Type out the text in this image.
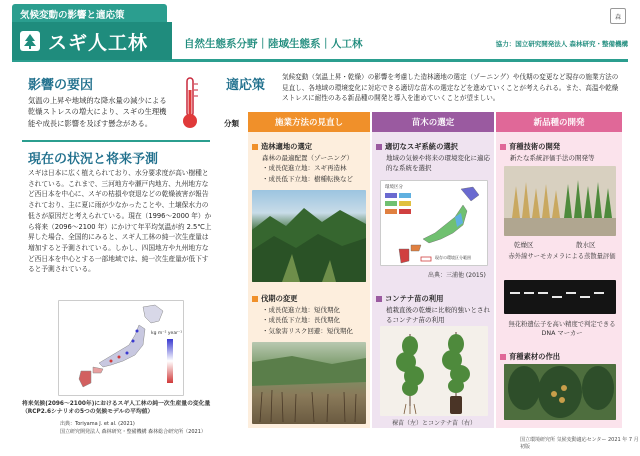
気候変動の影響と適応策	森
スギ人工林	自然生態系分野｜陸域生態系｜人工林	協力：国立研究開発法人 森林研究・整備機構
影響の要因
気温の上昇や地域的な降水量の減少による乾燥ストレスの増大により、スギの生理機能や成長に影響を及ぼす懸念がある。
現在の状況と将来予測
スギは日本に広く植えられており、水分要求度が高い樹種とされている。これまで、三河地方や瀬戸内地方、九州地方など西日本を中心に、スギの枯損や衰退などの乾燥被害が報告されており、主に夏に雨が少なかったことや、土壌保水力の低さが原因だと考えられている。現在（1996～2000 年）から将来（2096～2100 年）にかけて年平均気温が約 2.5℃上昇した場合、全国的にみると、スギ人工林の純一次生産量は増加すると予測されている。しかし、四国地方や九州地方など西日本を中心とする一部地域では、純一次生産量が低下すると予測されている。
kg m⁻² year⁻¹
将来気候(2096～2100年)におけるスギ人工林の純一次生産量の変化量（RCP2.6シナリオの5つの気候モデルの平均値）
出典：Toriyama J. et al. (2021)
国立研究開発法人 森林研究・整備機構 森林総合研究所（2021）
適応策
気候変動（気温上昇・乾燥）の影響を考慮した造林適地の選定（ゾーニング）や伐期の変更など現存の施業方法の見直し、各地域の環境変化に対応できる適切な苗木の選定などを進めていくことが考えられる。また、高温や乾燥ストレスに耐性のある新品種の開発と導入を進めていくことが望ましい。
分類	施業方法の見直し	苗木の選定	新品種の開発
造林適地の選定
森林の最適配置（ゾーニング）
・成長促進立地：スギ再造林
・成長低下立地：樹種転換など
伐期の変更
・成長促進立地：短伐期化
・成長低下立地：長伐期化
・気象害リスク回避：短伐期化
適切なスギ系統の選択
地域の気候や将来の環境変化に適応
的な系統を選択
環境区分
現存の環境区分範囲
出典：三浦他 (2015)
コンテナ苗の利用
植栽直後の乾燥に比較的強いとされ
るコンテナ苗の利用
裸苗（左）とコンテナ苗（右）
育種技術の開発
新たな系統評価手法の開発等
乾燥区	散水区
赤外線サーモカメラによる蒸散量評価
無花粉遺伝子を高い精度で判定できる DNA マーカー
育種素材の作出
国立環境研究所 気候変動適応センター 2021 年 7 月初版
